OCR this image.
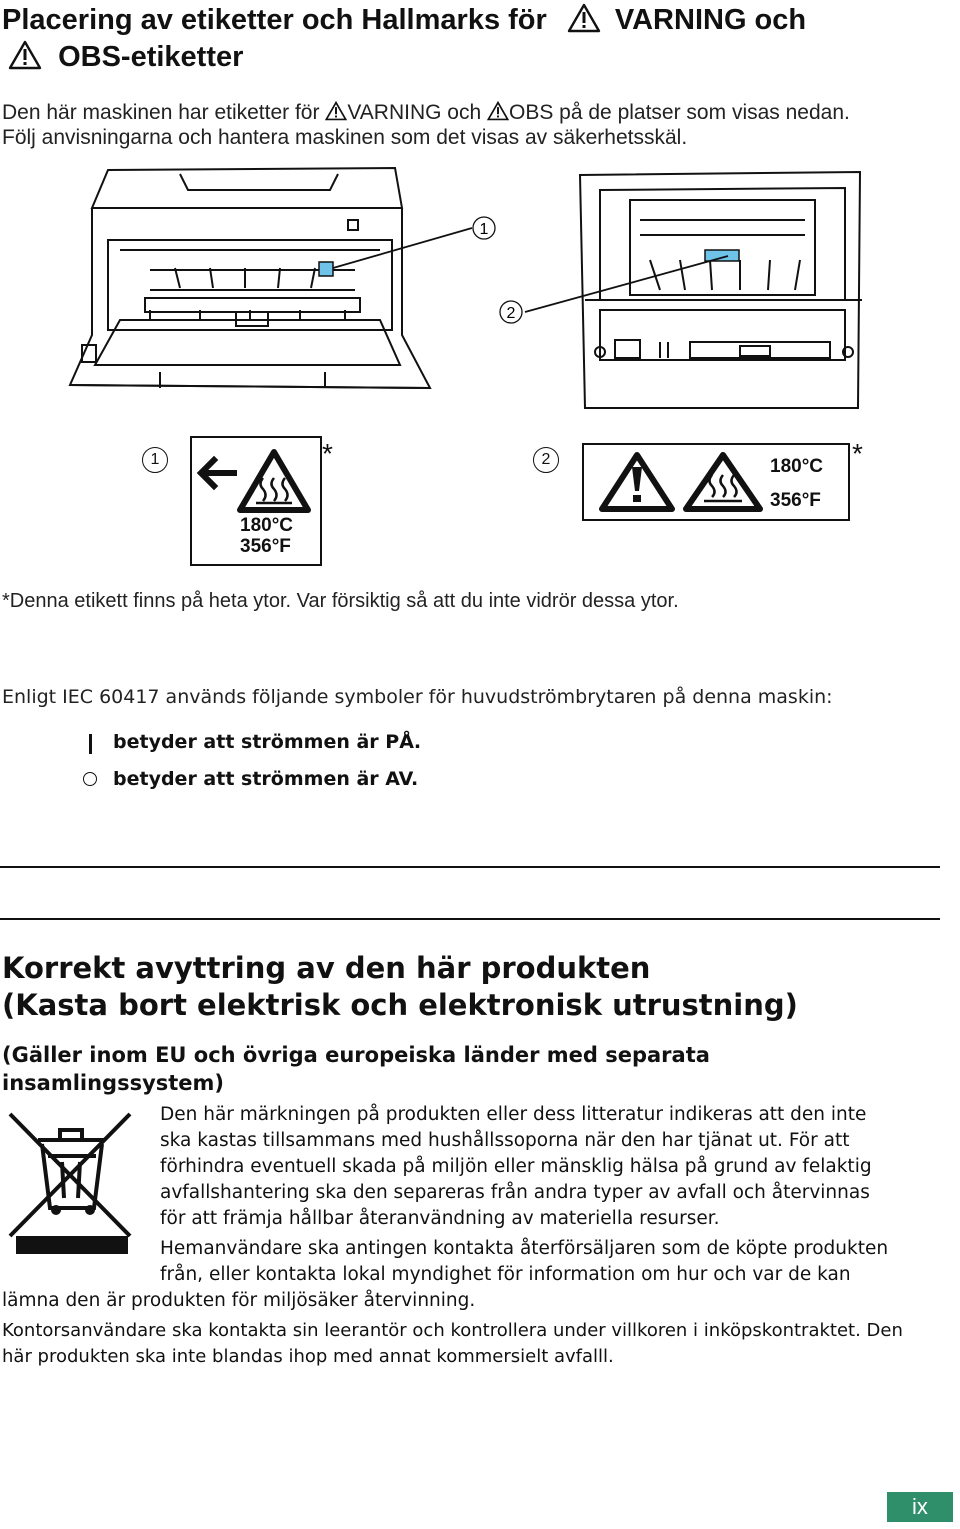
Placering av etiketter och Hallmarks för VARNING och
OBS-etiketter
Den här maskinen har etiketter för VARNING och OBS på de platser som visas nedan.
Följ anvisningarna och hantera maskinen som det visas av säkerhetsskäl.
1
2
1
180°C
356°F
*	2	180°C
356°F
*
*Denna etikett finns på heta ytor. Var försiktig så att du inte vidrör dessa ytor.
Enligt IEC 60417 används följande symboler för huvudströmbrytaren på denna maskin:
betyder att strömmen är PÅ.
betyder att strömmen är AV.
Korrekt avyttring av den här produkten
(Kasta bort elektrisk och elektronisk utrustning)
(Gäller inom EU och övriga europeiska länder med separata
insamlingssystem)
Den här märkningen på produkten eller dess litteratur indikeras att den inte
ska kastas tillsammans med hushållssoporna när den har tjänat ut. För att
förhindra eventuell skada på miljön eller mänsklig hälsa på grund av felaktig
avfallshantering ska den separeras från andra typer av avfall och återvinnas
för att främja hållbar återanvändning av materiella resurser.
Hemanvändare ska antingen kontakta återförsäljaren som de köpte produkten
från, eller kontakta lokal myndighet för information om hur och var de kan
lämna den är produkten för miljösäker återvinning.
Kontorsanvändare ska kontakta sin leerantör och kontrollera under villkoren i inköpskontraktet. Den
här produkten ska inte blandas ihop med annat kommersielt avfalll.
ix
